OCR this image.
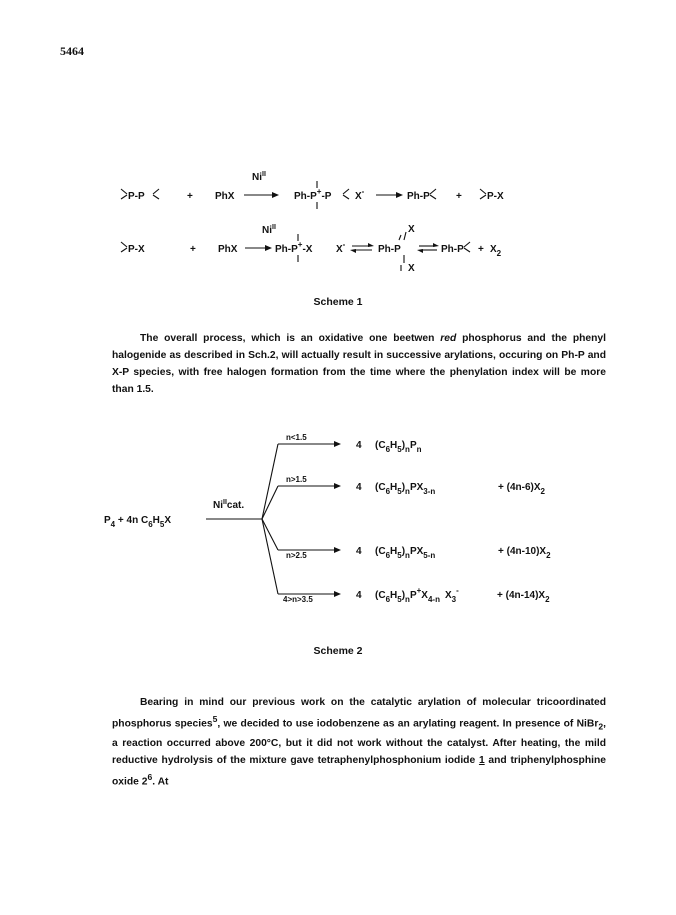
5464
P-P	+ PhX
$Ni^{II}$
Ph-P+-P X-	Ph-P	+	P-X
P-X	+ PhX
$Ni^{II}$
Ph-P+-X X-	Ph-P
X
X
$Ph-P + X_2$
Scheme 1

The overall process, which is an oxidative one beetwen red phosphorus and the phenyl halogenide as described in Sch.2, will actually result in successive arylations, occuring on Ph-P and X-P species, with free halogen formation from the time where the phenylation index will be more than 1.5.

$P_4 + 4n$ $C_6H_5X$
$Ni^{II}cat$.
n<1.5
4 $(C_6H_5)_nP_n$
n>1.5
4 $(C_6H_5)_nPX_{3-n}$	+ $(4n-6)X_2$
n>2.5	4 $(C_6H_5)_nPX_{5-n}$	+ $(4n-10)X_2$
4>n>3.5	4 $(C_6H_5)_nP^+X_{4-n}$ $X_3^-$	+ $(4n-14)X_2$
Scheme 2

Bearing in mind our previous work on the catalytic arylation of molecular tricoordinated phosphorus species$^5$, we decided to use iodobenzene as an arylating reagent. In presence of NiBr$_2$, a reaction occurred above 200°C, but it did not work without the catalyst. After heating, the mild reductive hydrolysis of the mixture gave tetraphenylphosphonium iodide 1 and triphenylphosphine oxide $2^6$. At
